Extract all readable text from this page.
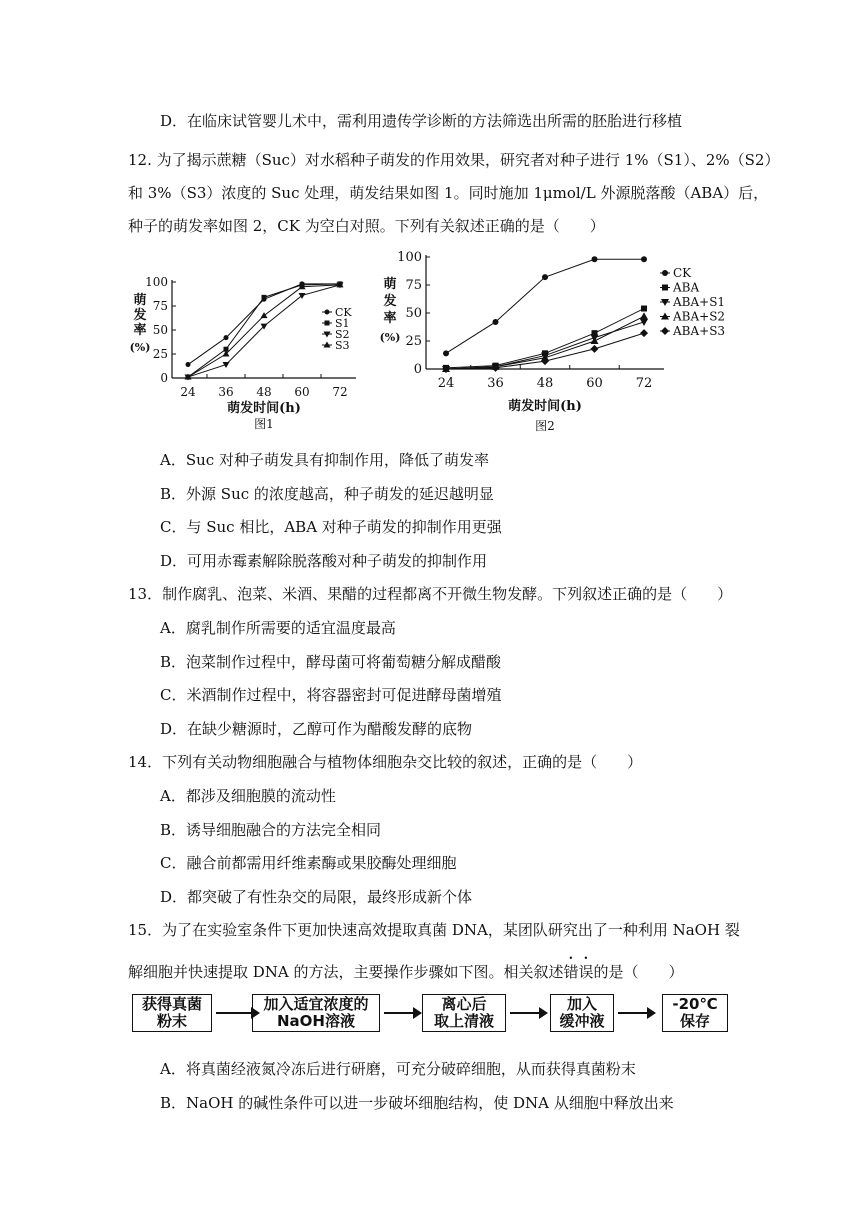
D．在临床试管婴儿术中，需利用遗传学诊断的方法筛选出所需的胚胎进行移植
12. 为了揭示蔗糖（Suc）对水稻种子萌发的作用效果，研究者对种子进行 1%（S1）、2%（S2）
和 3%（S3）浓度的 Suc 处理，萌发结果如图 1。同时施加 1μmol/L 外源脱落酸（ABA）后，
种子的萌发率如图 2，CK 为空白对照。下列有关叙述正确的是（　　）
0
25
50
75
100
24 36 48 60 72
萌
发
率
(%)
萌发时间(h)
图1
CK
S1
S2
S3
0
25
50
75
100
24	36	48	60	72
萌
发
率
(%)
萌发时间(h)
图2
CK
ABA
ABA+S1
ABA+S2
ABA+S3
A．Suc 对种子萌发具有抑制作用，降低了萌发率
B．外源 Suc 的浓度越高，种子萌发的延迟越明显
C．与 Suc 相比，ABA 对种子萌发的抑制作用更强
D．可用赤霉素解除脱落酸对种子萌发的抑制作用
13．制作腐乳、泡菜、米酒、果醋的过程都离不开微生物发酵。下列叙述正确的是（　　）
A．腐乳制作所需要的适宜温度最高
B．泡菜制作过程中，酵母菌可将葡萄糖分解成醋酸
C．米酒制作过程中，将容器密封可促进酵母菌增殖
D．在缺少糖源时，乙醇可作为醋酸发酵的底物
14．下列有关动物细胞融合与植物体细胞杂交比较的叙述，正确的是（　　）
A．都涉及细胞膜的流动性
B．诱导细胞融合的方法完全相同
C．融合前都需用纤维素酶或果胶酶处理细胞
D．都突破了有性杂交的局限，最终形成新个体
15．为了在实验室条件下更加快速高效提取真菌 DNA，某团队研究出了一种利用 NaOH 裂
解细胞并快速提取 DNA 的方法，主要操作步骤如下图。相关叙述错误的是（　　）
获得真菌
粉末
加入适宜浓度的
NaOH溶液
离心后
取上清液
加入
缓冲液
-20℃
保存
A．将真菌经液氮冷冻后进行研磨，可充分破碎细胞，从而获得真菌粉末
B．NaOH 的碱性条件可以进一步破坏细胞结构，使 DNA 从细胞中释放出来
